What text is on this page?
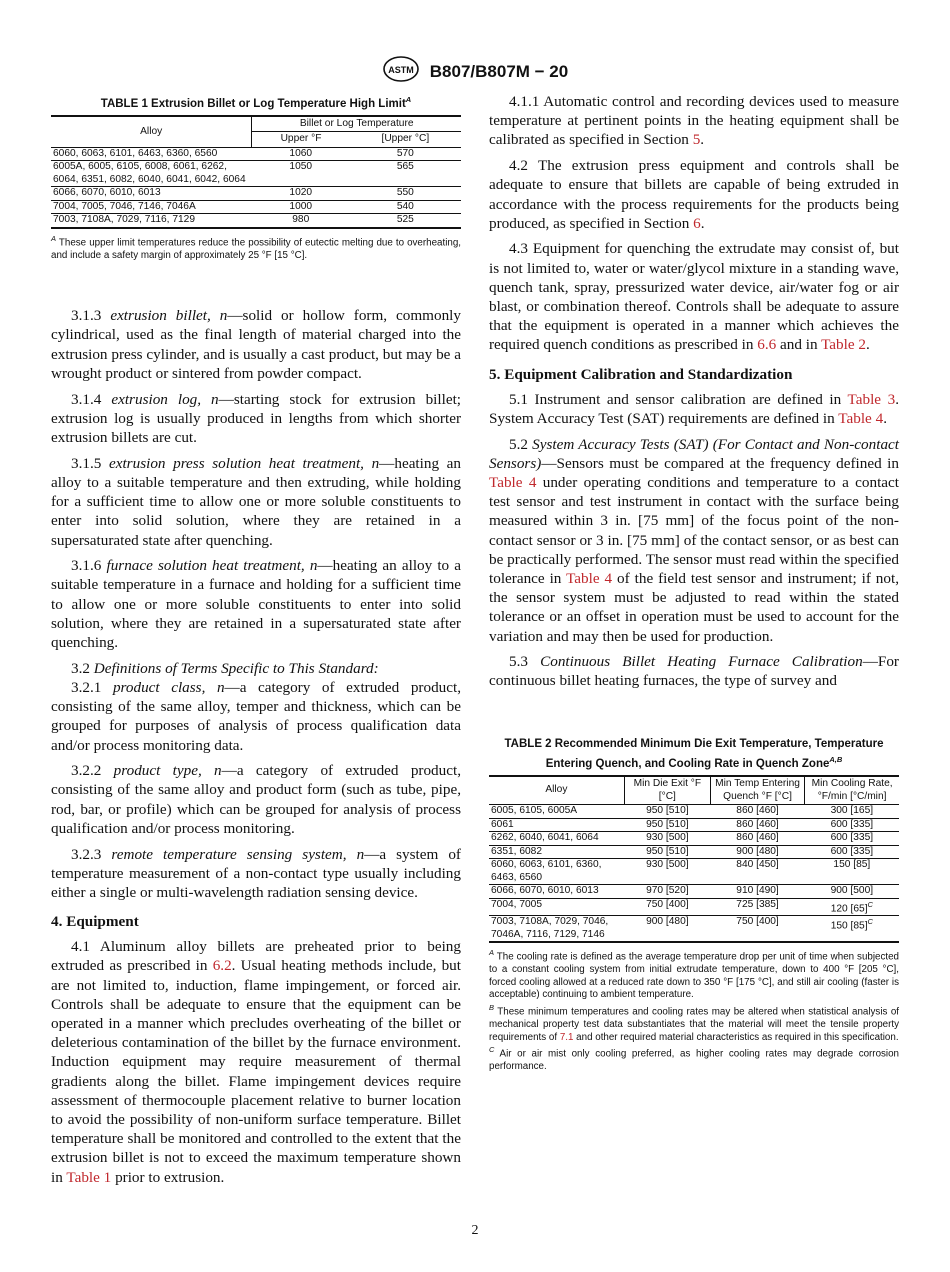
ASTM B807/B807M − 20
TABLE 1 Extrusion Billet or Log Temperature High Limit$^A$
Alloy	Billet or Log Temperature	
	Upper °F	[Upper °C]
6060, 6063, 6101, 6463, 6360, 6560	1060	570
6005A, 6005, 6105, 6008, 6061, 6262, 6064, 6351, 6082, 6040, 6041, 6042, 6064	1050	565
6066, 6070, 6010, 6013	1020	550
7004, 7005, 7046, 7146, 7046A	1000	540
7003, 7108A, 7029, 7116, 7129	980	525
$^A$ These upper limit temperatures reduce the possibility of eutectic melting due to overheating, and include a safety margin of approximately 25 °F [15 °C].

3.1.3 extrusion billet, n—solid or hollow form, commonly cylindrical, used as the final length of material charged into the extrusion press cylinder, and is usually a cast product, but may be a wrought product or sintered from powder compact.

3.1.4 extrusion log, n—starting stock for extrusion billet; extrusion log is usually produced in lengths from which shorter extrusion billets are cut.

3.1.5 extrusion press solution heat treatment, n—heating an alloy to a suitable temperature and then extruding, while holding for a sufficient time to allow one or more soluble constituents to enter into solid solution, where they are retained in a supersaturated state after quenching.

3.1.6 furnace solution heat treatment, n—heating an alloy to a suitable temperature in a furnace and holding for a sufficient time to allow one or more soluble constituents to enter into solid solution, where they are retained in a supersaturated state after quenching.

3.2 Definitions of Terms Specific to This Standard:

3.2.1 product class, n—a category of extruded product, consisting of the same alloy, temper and thickness, which can be grouped for purposes of analysis of process qualification data and/or process monitoring data.

3.2.2 product type, n—a category of extruded product, consisting of the same alloy and product form (such as tube, pipe, rod, bar, or profile) which can be grouped for analysis of process qualification and/or process monitoring.

3.2.3 remote temperature sensing system, n—a system of temperature measurement of a non-contact type usually including either a single or multi-wavelength radiation sensing device.

4. Equipment

4.1 Aluminum alloy billets are preheated prior to being extruded as prescribed in 6.2. Usual heating methods include, but are not limited to, induction, flame impingement, or forced air. Controls shall be adequate to ensure that the equipment can be operated in a manner which precludes overheating of the billet or deleterious contamination of the billet by the furnace environment. Induction equipment may require measurement of thermal gradients along the billet. Flame impingement devices require assessment of thermocouple placement relative to burner location to avoid the possibility of non-uniform surface temperature. Billet temperature shall be monitored and controlled to the extent that the extrusion billet is not to exceed the maximum temperature shown in Table 1 prior to extrusion.

4.1.1 Automatic control and recording devices used to measure temperature at pertinent points in the heating equipment shall be calibrated as specified in Section 5.

4.2 The extrusion press equipment and controls shall be adequate to ensure that billets are capable of being extruded in accordance with the process requirements for the products being produced, as specified in Section 6.

4.3 Equipment for quenching the extrudate may consist of, but is not limited to, water or water/glycol mixture in a standing wave, quench tank, spray, pressurized water device, air/water fog or air blast, or combination thereof. Controls shall be adequate to assure that the equipment is operated in a manner which achieves the required quench conditions as prescribed in 6.6 and in Table 2.

5. Equipment Calibration and Standardization

5.1 Instrument and sensor calibration are defined in Table 3. System Accuracy Test (SAT) requirements are defined in Table 4.

5.2 System Accuracy Tests (SAT) (For Contact and Non-contact Sensors)—Sensors must be compared at the frequency defined in Table 4 under operating conditions and temperature to a contact test sensor and test instrument in contact with the surface being measured within 3 in. [75 mm] of the focus point of the non-contact sensor or 3 in. [75 mm] of the contact sensor, or as best can be practically performed. The sensor must read within the specified tolerance in Table 4 of the field test sensor and instrument; if not, the sensor system must be adjusted to read within the stated tolerance or an offset in operation must be used to account for the variation and may then be used for production.

5.3 Continuous Billet Heating Furnace Calibration—For continuous billet heating furnaces, the type of survey and

TABLE 2 Recommended Minimum Die Exit Temperature, Temperature Entering Quench, and Cooling Rate in Quench Zone$^{A,B}$
Alloy	Min Die Exit °F [°C]	Min Temp Entering Quench °F [°C]	Min Cooling Rate, °F/min [°C/min]
6005, 6105, 6005A	950 [510]	860 [460]	300 [165]
6061	950 [510]	860 [460]	600 [335]
6262, 6040, 6041, 6064	930 [500]	860 [460]	600 [335]
6351, 6082	950 [510]	900 [480]	600 [335]
6060, 6063, 6101, 6360, 6463, 6560	930 [500]	840 [450]	150 [85]
6066, 6070, 6010, 6013	970 [520]	910 [490]	900 [500]
7004, 7005	750 [400]	725 [385]	120 $[65]^C$
7003, 7108A, 7029, 7046, 7046A, 7116, 7129, 7146	900 [480]	750 [400]	150 $[85]^C$
$^A$ The cooling rate is defined as the average temperature drop per unit of time when subjected to a constant cooling system from initial extrudate temperature, down to 400 °F [205 °C], forced cooling allowed at a reduced rate down to 350 °F [175 °C], and still air cooling (faster is acceptable) continuing to ambient temperature.
$^B$ These minimum temperatures and cooling rates may be altered when statistical analysis of mechanical property test data substantiates that the material will meet the tensile property requirements of 7.1 and other required material characteristics as required in this specification.
$^C$ Air or air mist only cooling preferred, as higher cooling rates may degrade corrosion performance.
2
